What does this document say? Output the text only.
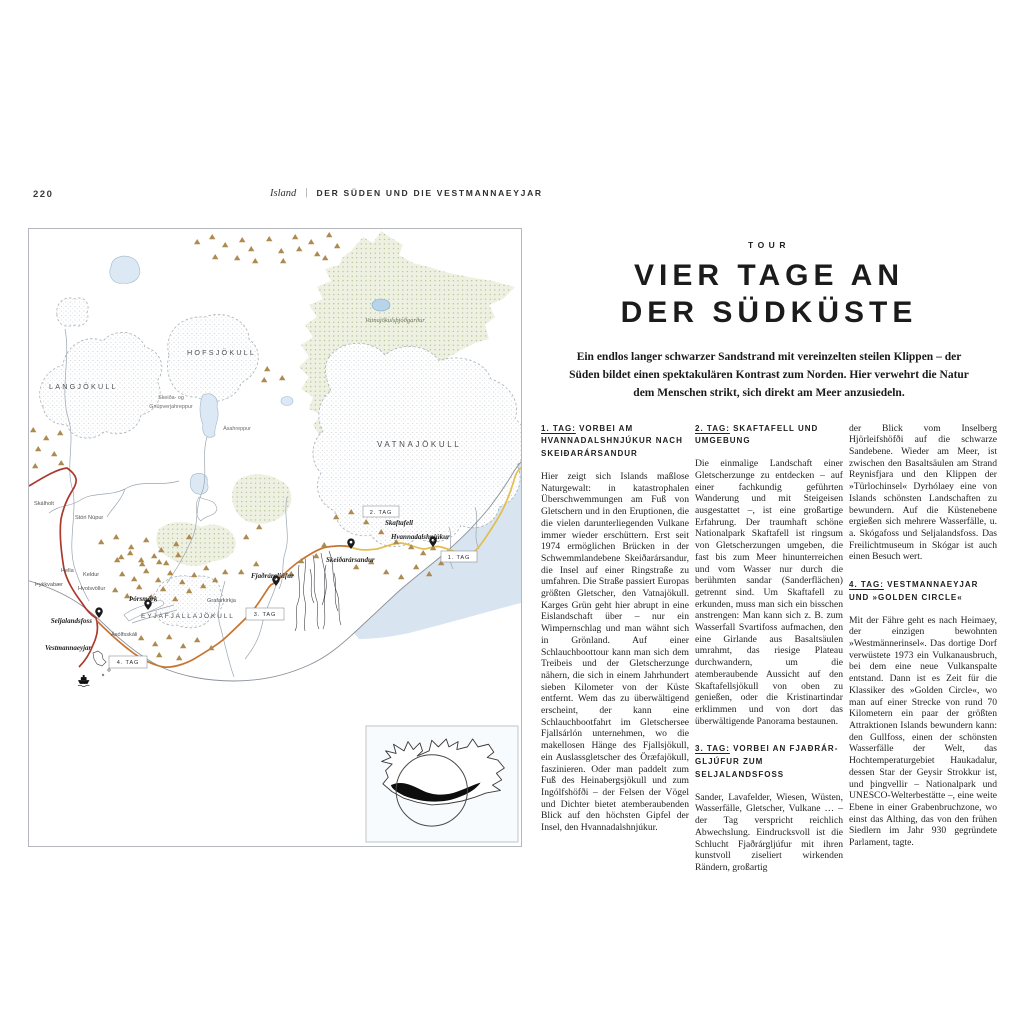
220	Island | DER SÜDEN UND DIE VESTMANNAEYJAR
2. TAG
1. TAG
3. TAG
4. TAG
LANGJÖKULL
HOFSJÖKULL
VATNAJÖKULL
EYJAFJALLAJÖKULL
Vatnajökulsþjóðgarður
Skeiða- og
Gnúpverjahreppur
Ásahreppur
Skálholt
Stóri Núpur
Hella
Keldur
Hvolsvöllur
Þykkvabær
Seljalandsfoss
Þórsmörk
Ásólfsskáli
Grafarkirkja
Vestmannaeyjar
Fjaðrárgljúfur
Skeiðarársandur
Skaftafell
Hvannadalshnjúkur
TOUR
VIER TAGE AN
DER SÜDKÜSTE

Ein endlos langer schwarzer Sandstrand mit vereinzelten steilen Klippen – der Süden bildet einen spektakulären Kontrast zum Norden. Hier verwehrt die Natur dem Menschen strikt, sich direkt am Meer anzusiedeln.

1. TAG: VORBEI AM HVANNADALSHNJÚKUR NACH SKEIÐARÁRSANDUR

Hier zeigt sich Islands maßlose Naturgewalt: in katastrophalen Überschwemmungen am Fuß von Gletschern und in den Eruptionen, die die vielen darunterliegenden Vulkane immer wieder erschüttern. Erst seit 1974 ermöglichen Brücken in der Schwemmlandebene Skeiðarársandur, die Insel auf einer Ringstraße zu umfahren. Die Straße passiert Europas größten Gletscher, den Vatnajökull. Karges Grün geht hier abrupt in eine Eislandschaft über – nur ein Wimpernschlag und man wähnt sich in Grönland. Auf einer Schlauchboottour kann man sich dem Treibeis und der Gletscherzunge nähern, die sich in einem Jahrhundert sieben Kilometer von der Küste entfernt. Wem das zu überwältigend erscheint, der kann eine Schlauchbootfahrt im Gletschersee Fjallsárlón unternehmen, wo die makellosen Hänge des Fjallsjökull, ein Auslassgletscher des Öræfajökull, faszinieren. Oder man paddelt zum Fuß des Heinabergsjökull und zum Ingólfshöfði – der Felsen der Vögel und Dichter bietet atemberaubenden Blick auf den höchsten Gipfel der Insel, den Hvannadalshnjúkur.

2. TAG: SKAFTAFELL UND UMGEBUNG

Die einmalige Landschaft einer Gletscherzunge zu entdecken – auf einer fachkundig geführten Wanderung und mit Steigeisen ausgestattet –, ist eine großartige Erfahrung. Der traumhaft schöne Nationalpark Skaftafell ist ringsum von Gletscherzungen umgeben, die fast bis zum Meer hinunterreichen und vom Wasser nur durch die berühmten sandar (Sanderflächen) getrennt sind. Um Skaftafell zu erkunden, muss man sich ein bisschen anstrengen: Man kann sich z. B. zum Wasserfall Svartifoss aufmachen, den eine Girlande aus Basaltsäulen umrahmt, das riesige Plateau durchwandern, um die atemberaubende Aussicht auf den Skaftafellsjökull von oben zu genießen, oder die Kristinartindar erklimmen und von dort das überwältigende Panorama bestaunen.

3. TAG: VORBEI AN FJAÐRÁRGLJÚFUR ZUM SELJALANDSFOSS

Sander, Lavafelder, Wiesen, Wüsten, Wasserfälle, Gletscher, Vulkane … – der Tag verspricht reichlich Abwechslung. Eindrucksvoll ist die Schlucht Fjaðrárgljúfur mit ihren kunstvoll ziseliert wirkenden Rändern, großartig

der Blick vom Inselberg Hjörleifshöfði auf die schwarze Sandebene. Wieder am Meer, ist zwischen den Basaltsäulen am Strand Reynisfjara und den Klippen der »Türlochinsel« Dyrhólaey eine von Islands schönsten Landschaften zu bewundern. Auf die Küstenebene ergießen sich mehrere Wasserfälle, u. a. Skógafoss und Seljalandsfoss. Das Freilichtmuseum in Skógar ist auch einen Besuch wert.

4. TAG: VESTMANNAEYJAR UND »GOLDEN CIRCLE«

Mit der Fähre geht es nach Heimaey, der einzigen bewohnten »Westmännerinsel«. Das dortige Dorf verwüstete 1973 ein Vulkanausbruch, bei dem eine neue Vulkanspalte entstand. Dann ist es Zeit für die Klassiker des »Golden Circle«, wo man auf einer Strecke von rund 70 Kilometern ein paar der größten Attraktionen Islands bewundern kann: den Gullfoss, einen der schönsten Wasserfälle der Welt, das Hochtemperaturgebiet Haukadalur, dessen Star der Geysir Strokkur ist, und þingvellir – Nationalpark und UNESCO-Welterbestätte –, eine weite Ebene in einer Grabenbruchzone, wo einst das Althing, das von den frühen Siedlern im Jahr 930 gegründete Parlament, tagte.
